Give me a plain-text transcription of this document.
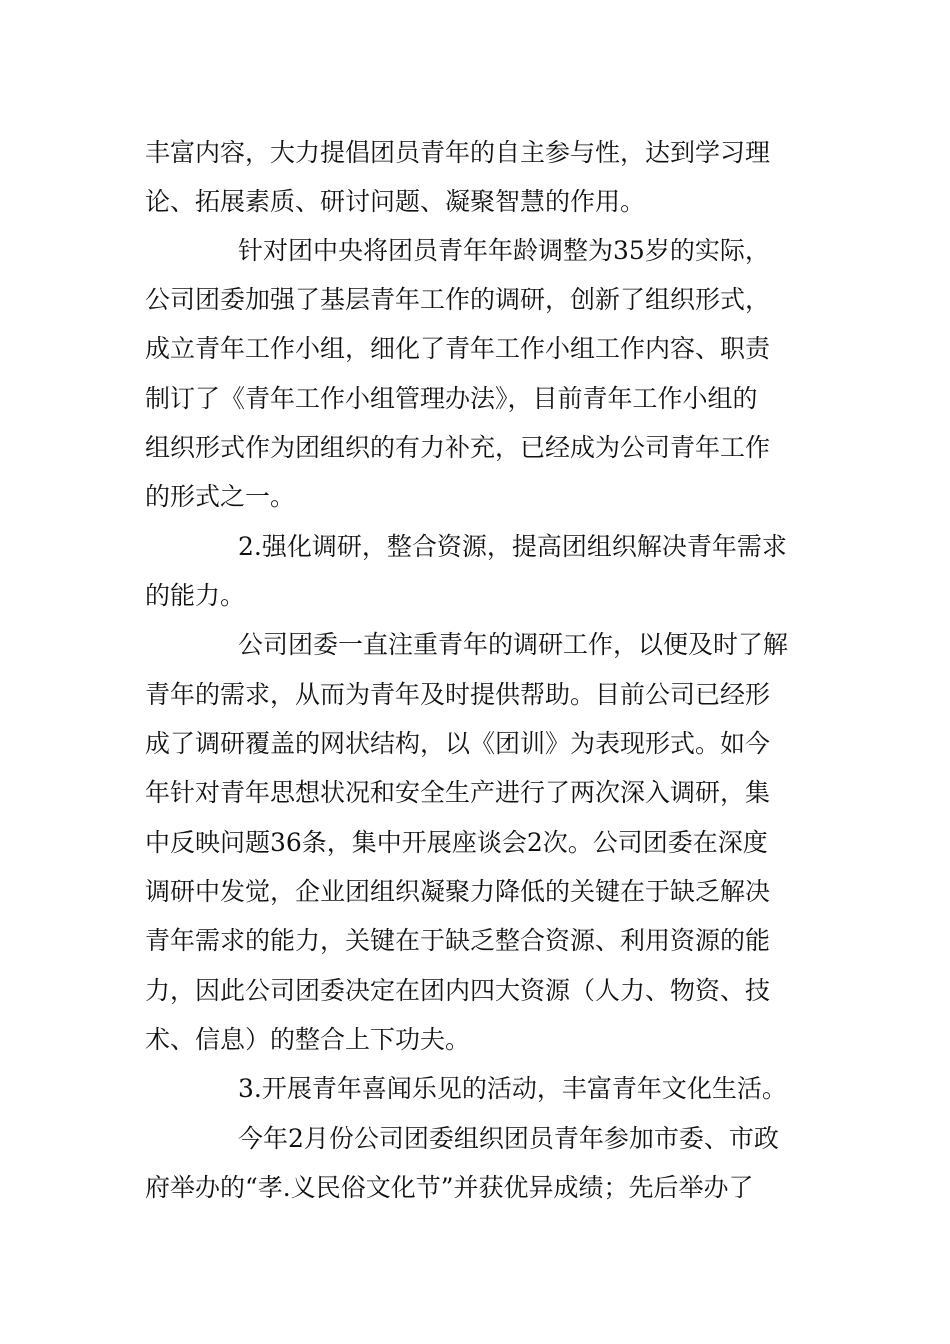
丰富内容，大力提倡团员青年的自主参与性，达到学习理
论、拓展素质、研讨问题、凝聚智慧的作用。
针对团中央将团员青年年龄调整为35岁的实际，
公司团委加强了基层青年工作的调研，创新了组织形式，
成立青年工作小组，细化了青年工作小组工作内容、职责
制订了《青年工作小组管理办法》，目前青年工作小组的
组织形式作为团组织的有力补充，已经成为公司青年工作
的形式之一。
2.强化调研，整合资源，提高团组织解决青年需求
的能力。
公司团委一直注重青年的调研工作，以便及时了解
青年的需求，从而为青年及时提供帮助。目前公司已经形
成了调研覆盖的网状结构，以《团训》为表现形式。如今
年针对青年思想状况和安全生产进行了两次深入调研，集
中反映问题36条，集中开展座谈会2次。公司团委在深度
调研中发觉，企业团组织凝聚力降低的关键在于缺乏解决
青年需求的能力，关键在于缺乏整合资源、利用资源的能
力，因此公司团委决定在团内四大资源（人力、物资、技
术、信息）的整合上下功夫。
3.开展青年喜闻乐见的活动，丰富青年文化生活。
今年2月份公司团委组织团员青年参加市委、市政
府举办的“孝.义民俗文化节”并获优异成绩；先后举办了
